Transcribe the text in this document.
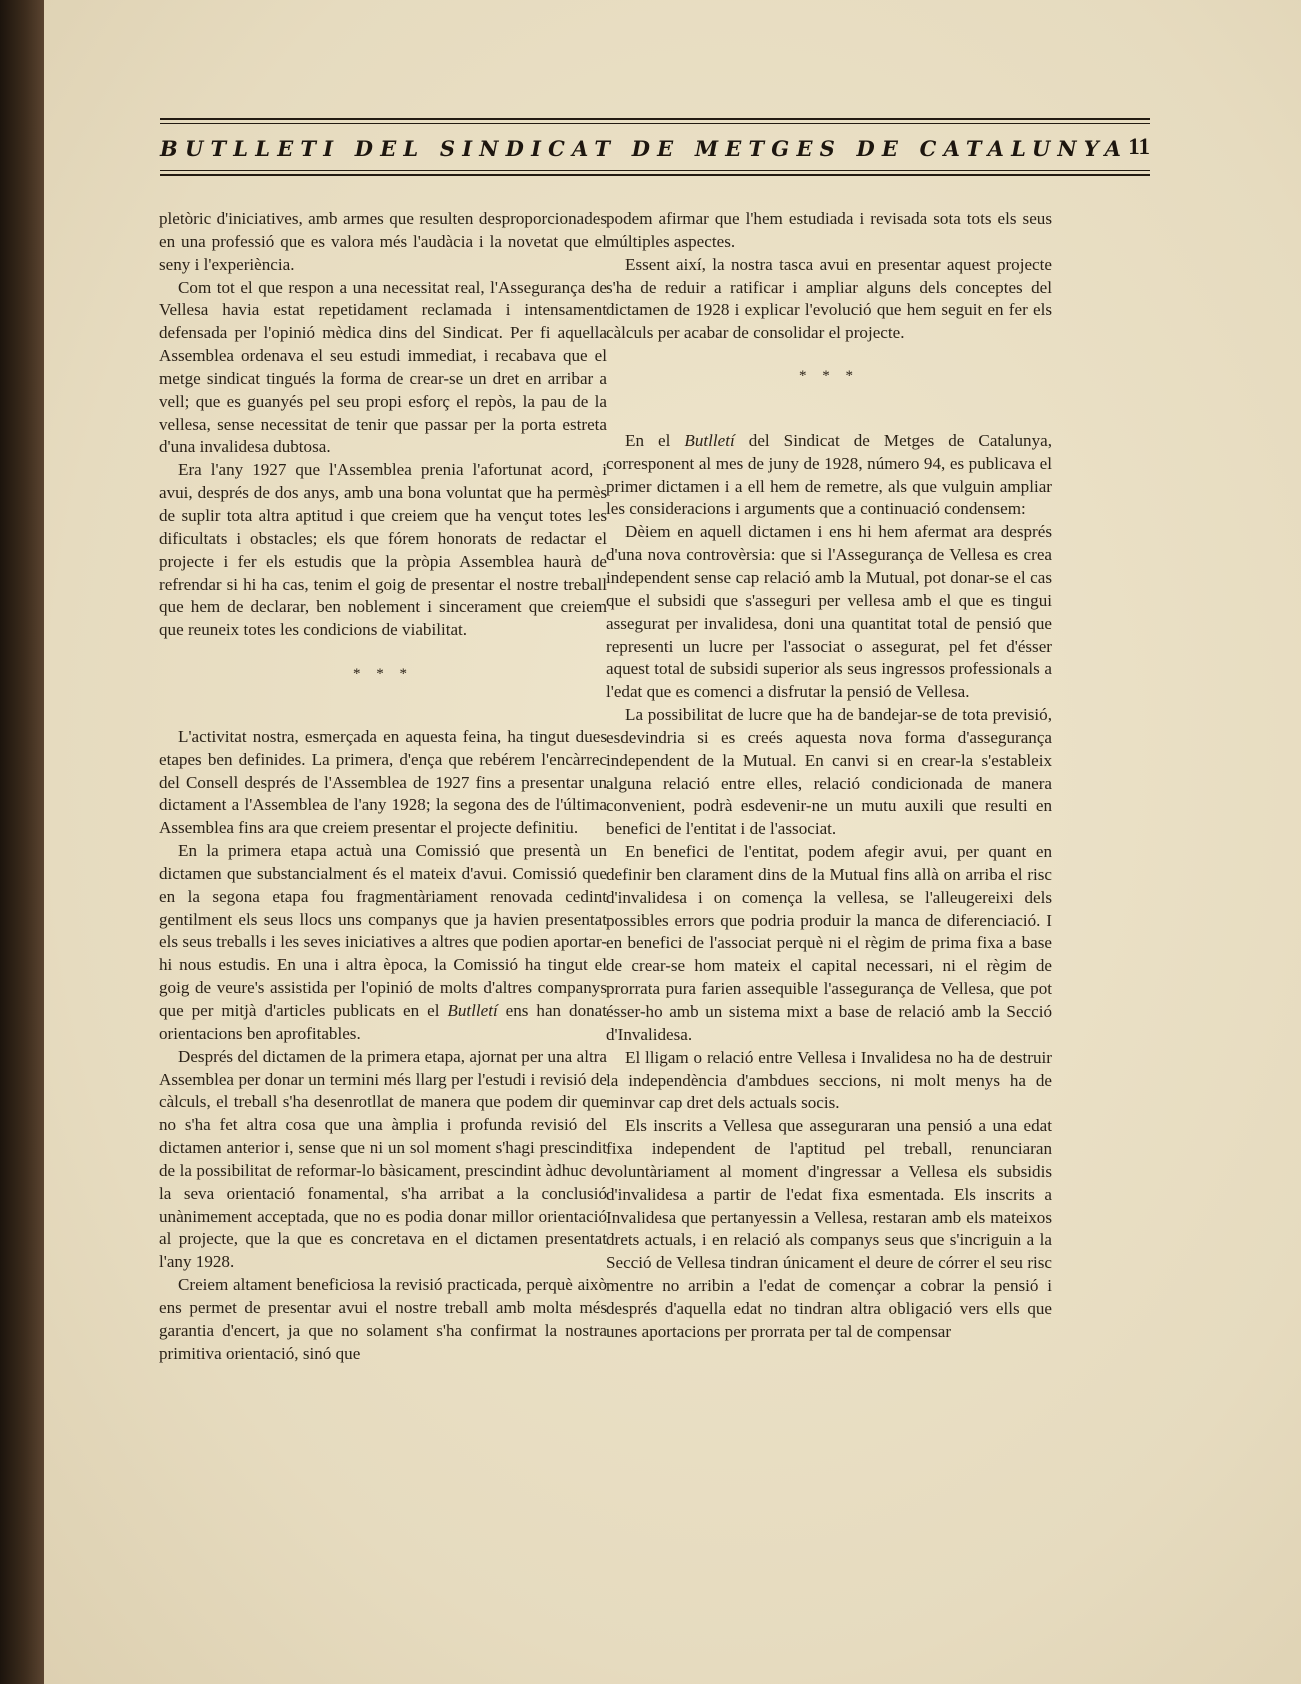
BUTLLETI DEL SINDICAT DE METGES DE CATALUNYA 11

pletòric d'iniciatives, amb armes que resulten desproporcionades en una professió que es valora més l'audàcia i la novetat que el seny i l'experiència.

Com tot el que respon a una necessitat real, l'Assegurança de Vellesa havia estat repetidament reclamada i intensament defensada per l'opinió mèdica dins del Sindicat. Per fi aquella Assemblea ordenava el seu estudi immediat, i recabava que el metge sindicat tingués la forma de crear-se un dret en arribar a vell; que es guanyés pel seu propi esforç el repòs, la pau de la vellesa, sense necessitat de tenir que passar per la porta estreta d'una invalidesa dubtosa.

Era l'any 1927 que l'Assemblea prenia l'afortunat acord, i avui, després de dos anys, amb una bona voluntat que ha permès de suplir tota altra aptitud i que creiem que ha vençut totes les dificultats i obstacles; els que fórem honorats de redactar el projecte i fer els estudis que la pròpia Assemblea haurà de refrendar si hi ha cas, tenim el goig de presentar el nostre treball que hem de declarar, ben noblement i sincerament que creiem que reuneix totes les condicions de viabilitat.

* * *

L'activitat nostra, esmerçada en aquesta feina, ha tingut dues etapes ben definides. La primera, d'ença que rebérem l'encàrrec del Consell després de l'Assemblea de 1927 fins a presentar un dictament a l'Assemblea de l'any 1928; la segona des de l'última Assemblea fins ara que creiem presentar el projecte definitiu.

En la primera etapa actuà una Comissió que presentà un dictamen que substancialment és el mateix d'avui. Comissió que en la segona etapa fou fragmentàriament renovada cedint gentilment els seus llocs uns companys que ja havien presentat els seus treballs i les seves iniciatives a altres que podien aportar-hi nous estudis. En una i altra època, la Comissió ha tingut el goig de veure's assistida per l'opinió de molts d'altres companys que per mitjà d'articles publicats en el Butlletí ens han donat orientacions ben aprofitables.

Després del dictamen de la primera etapa, ajornat per una altra Assemblea per donar un termini més llarg per l'estudi i revisió de càlculs, el treball s'ha desenrotllat de manera que podem dir que no s'ha fet altra cosa que una àmplia i profunda revisió del dictamen anterior i, sense que ni un sol moment s'hagi prescindit de la possibilitat de reformar-lo bàsicament, prescindint àdhuc de la seva orientació fonamental, s'ha arribat a la conclusió unànimement acceptada, que no es podia donar millor orientació al projecte, que la que es concretava en el dictamen presentat l'any 1928.

Creiem altament beneficiosa la revisió practicada, perquè això ens permet de presentar avui el nostre treball amb molta més garantia d'encert, ja que no solament s'ha confirmat la nostra primitiva orientació, sinó que

podem afirmar que l'hem estudiada i revisada sota tots els seus múltiples aspectes.

Essent així, la nostra tasca avui en presentar aquest projecte s'ha de reduir a ratificar i ampliar alguns dels conceptes del dictamen de 1928 i explicar l'evolució que hem seguit en fer els càlculs per acabar de consolidar el projecte.

* * *

En el Butlletí del Sindicat de Metges de Catalunya, corresponent al mes de juny de 1928, número 94, es publicava el primer dictamen i a ell hem de remetre, als que vulguin ampliar les consideracions i arguments que a continuació condensem:

Dèiem en aquell dictamen i ens hi hem afermat ara després d'una nova controvèrsia: que si l'Assegurança de Vellesa es crea independent sense cap relació amb la Mutual, pot donar-se el cas que el subsidi que s'asseguri per vellesa amb el que es tingui assegurat per invalidesa, doni una quantitat total de pensió que representi un lucre per l'associat o assegurat, pel fet d'ésser aquest total de subsidi superior als seus ingressos professionals a l'edat que es comenci a disfrutar la pensió de Vellesa.

La possibilitat de lucre que ha de bandejar-se de tota previsió, esdevindria si es creés aquesta nova forma d'assegurança independent de la Mutual. En canvi si en crear-la s'estableix alguna relació entre elles, relació condicionada de manera convenient, podrà esdevenir-ne un mutu auxili que resulti en benefici de l'entitat i de l'associat.

En benefici de l'entitat, podem afegir avui, per quant en definir ben clarament dins de la Mutual fins allà on arriba el risc d'invalidesa i on comença la vellesa, se l'alleugereixi dels possibles errors que podria produir la manca de diferenciació. I en benefici de l'associat perquè ni el règim de prima fixa a base de crear-se hom mateix el capital necessari, ni el règim de prorrata pura farien assequible l'assegurança de Vellesa, que pot ésser-ho amb un sistema mixt a base de relació amb la Secció d'Invalidesa.

El lligam o relació entre Vellesa i Invalidesa no ha de destruir la independència d'ambdues seccions, ni molt menys ha de minvar cap dret dels actuals socis.

Els inscrits a Vellesa que asseguraran una pensió a una edat fixa independent de l'aptitud pel treball, renunciaran voluntàriament al moment d'ingressar a Vellesa els subsidis d'invalidesa a partir de l'edat fixa esmentada. Els inscrits a Invalidesa que pertanyessin a Vellesa, restaran amb els mateixos drets actuals, i en relació als companys seus que s'incriguin a la Secció de Vellesa tindran únicament el deure de córrer el seu risc mentre no arribin a l'edat de començar a cobrar la pensió i després d'aquella edat no tindran altra obligació vers ells que unes aportacions per prorrata per tal de compensar
